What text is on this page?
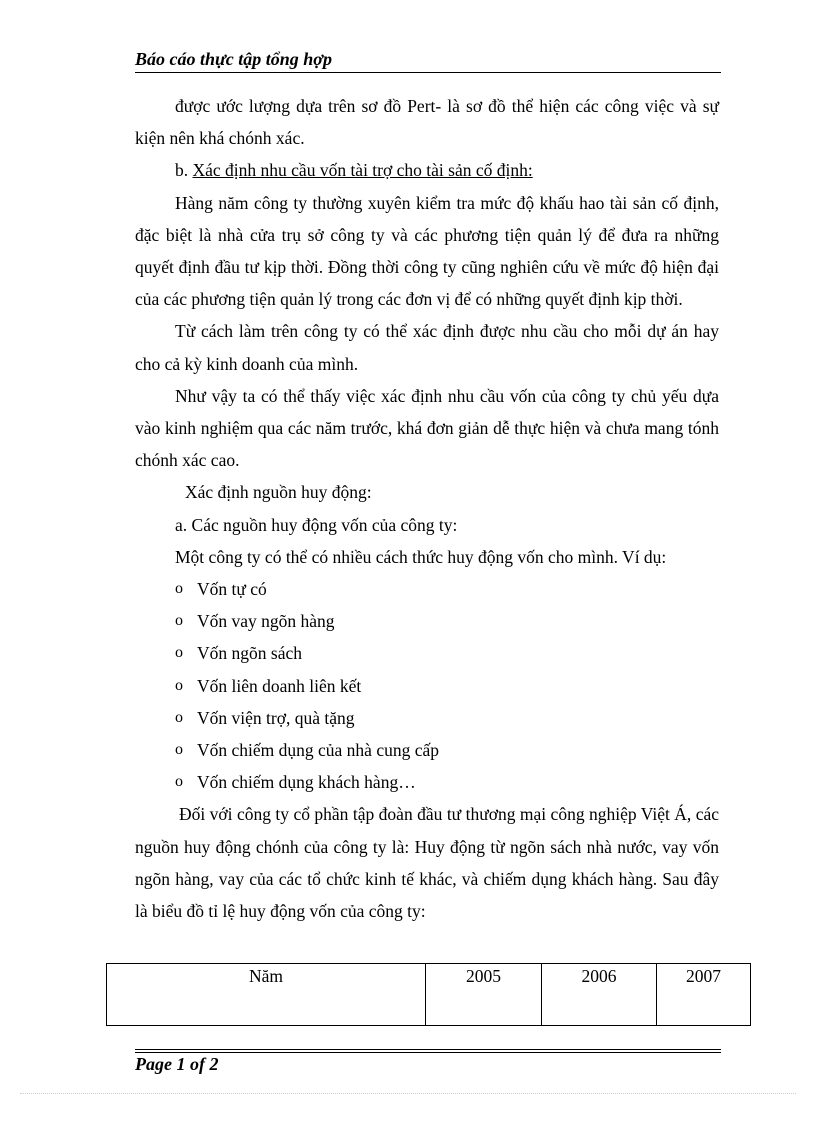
Báo cáo thực tập tổng hợp

được ước lượng dựa trên sơ đồ Pert- là sơ đồ thể hiện các công việc và sự kiện nên khá chónh xác.

b. Xác định nhu cầu vốn tài trợ cho tài sản cố định:

Hàng năm công ty thường xuyên kiểm tra mức độ khấu hao tài sản cố định, đặc biệt là nhà cửa trụ sở công ty và các phương tiện quản lý để đưa ra những quyết định đầu tư kịp thời. Đồng thời công ty cũng nghiên cứu về mức độ hiện đại của các phương tiện quản lý trong các đơn vị để có những quyết định kịp thời.

Từ cách làm trên công ty có thể xác định được nhu cầu cho mỗi dự án hay cho cả kỳ kinh doanh của mình.

Như vậy ta có thể thấy việc xác định nhu cầu vốn của công ty chủ yếu dựa vào kinh nghiệm qua các năm trước, khá đơn giản dễ thực hiện và chưa mang tónh chónh xác cao.

Xác định nguồn huy động:

a. Các nguồn huy động vốn của công ty:

Một công ty có thể có nhiều cách thức huy động vốn cho mình. Ví dụ:

o Vốn tự có
o Vốn vay ngõn hàng
o Vốn ngõn sách
o Vốn liên doanh liên kết
o Vốn viện trợ, quà tặng
o Vốn chiếm dụng của nhà cung cấp
o Vốn chiếm dụng khách hàng…

Đối với công ty cổ phần tập đoàn đầu tư thương mại công nghiệp Việt Á, các nguồn huy động chónh của công ty là: Huy động từ ngõn sách nhà nước, vay vốn ngõn hàng, vay của các tổ chức kinh tế khác, và chiếm dụng khách hàng. Sau đây là biểu đồ tỉ lệ huy động vốn của công ty:

Năm	2005	2006	2007
Page 1 of 2
